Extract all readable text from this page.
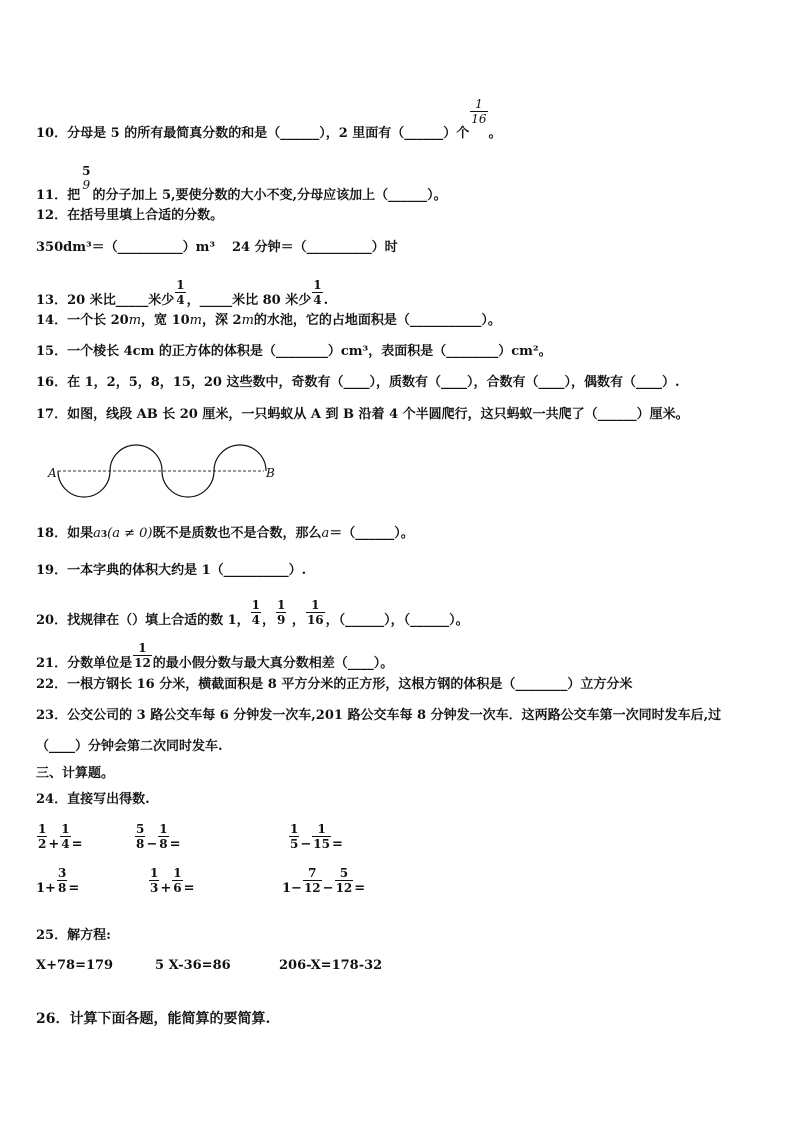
10．分母是 5 的所有最简真分数的和是（______），2 里面有（______）个
$\frac{1}{16}$
。
11．把
5
9
的分子加上 5,要使分数的大小不变,分母应该加上（______）。
12．在括号里填上合适的分数。
350dm³＝（__________）m³ 24 分钟＝（__________）时
13．20 米比_____米少 $\frac{1}{4}$ ，_____米比 80 米少 $\frac{1}{4}$ .
14．一个长 20m，宽 10m，深 2m的水池，它的占地面积是（___________）。
15．一个棱长 4cm 的正方体的体积是（________）cm³，表面积是（________）cm²。
16．在 1，2，5，8，15，20 这些数中，奇数有（____），质数有（____），合数有（____），偶数有（____）.
17．如图，线段 AB 长 20 厘米，一只蚂蚁从 A 到 B 沿着 4 个半圆爬行，这只蚂蚁一共爬了（______）厘米。
A	B
18．如果a3(a ≠ 0)既不是质数也不是合数，那么a＝（______）。
19．一本字典的体积大约是 1（__________）.
20．找规律在（）填上合适的数 1， $\frac{1}{4}$ ， $\frac{1}{9}$ ， $\frac{1}{16}$ ，（______），（______）。
21．分数单位是 $\frac{1}{12}$ 的最小假分数与最大真分数相差（____）。
22．一根方钢长 16 分米，横截面积是 8 平方分米的正方形，这根方钢的体积是（________）立方分米
23．公交公司的 3 路公交车每 6 分钟发一次车,201 路公交车每 8 分钟发一次车．这两路公交车第一次同时发车后,过
（____）分钟会第二次同时发车.
三、计算题。
24．直接写出得数.
$\frac{1}{2} + \frac{1}{4}$ =	$\frac{5}{8} - \frac{1}{8}$ =	$\frac{1}{5} - \frac{1}{15}$ =
$1+ \frac{3}{8}$ =	$\frac{1}{3} + \frac{1}{6}$ =	$1- \frac{7}{12} - \frac{5}{12}$ =
25．解方程:
X+78=179	5 X-36=86	206-X=178-32
26．计算下面各题，能简算的要简算.
